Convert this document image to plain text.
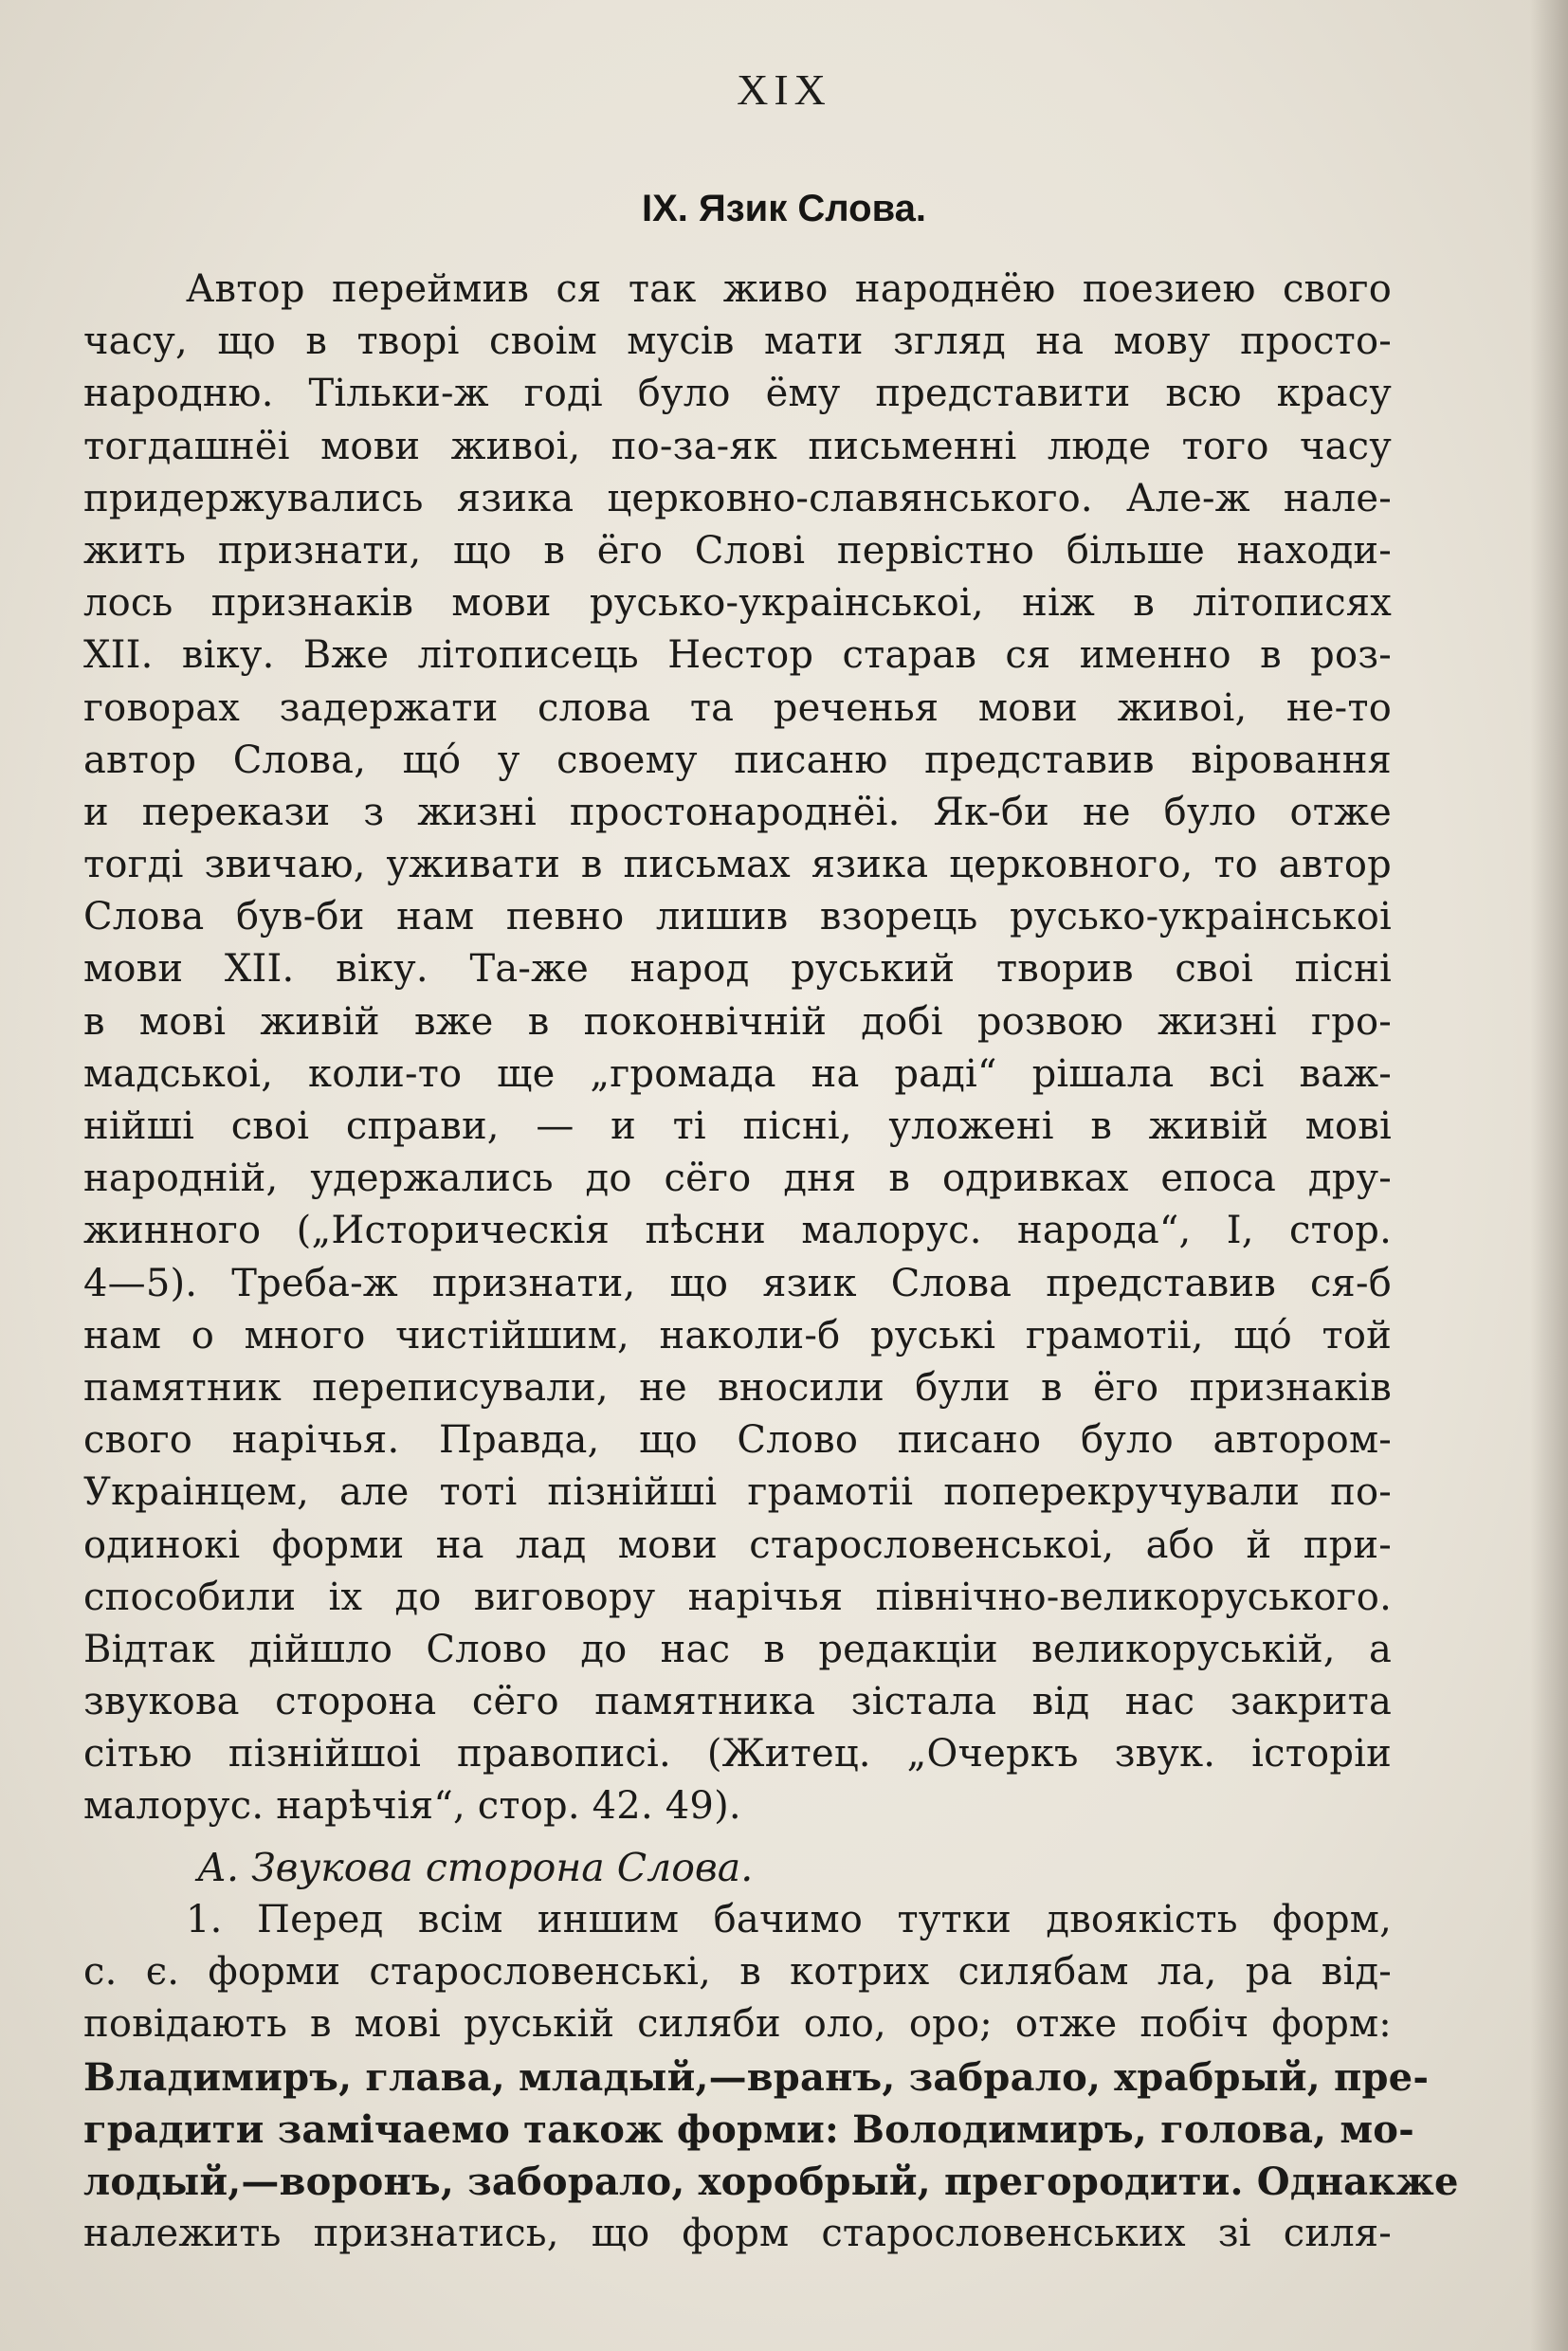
XIX
IX. Язик Слова.
Автор переймив ся так живо народнёю поезиею свого
часу, що в творі своім мусів мати згляд на мову просто-
народню. Тільки-ж годі було ёму представити всю красу
тогдашнёі мови живоі, по-за-як письменні люде того часу
придержувались язика церковно-славянського. Але-ж нале-
жить признати, що в ёго Слові первістно більше находи-
лось признаків мови русько-украінськоі, ніж в літописях
XII. віку. Вже літописець Нестор старав ся именно в роз-
говорах задержати слова та реченья мови живоі, не-то
автор Слова, щó у своему писаню представив віровання
и перекази з жизні простонароднёі. Як-би не було отже
тогді звичаю, уживати в письмах язика церковного, то автор
Слова був-би нам певно лишив взорець русько-украінськоі
мови XII. віку. Та-же народ руський творив своі пісні
в мові живій вже в поконвічній добі розвою жизні гро-
мадськоі, коли-то ще „громада на раді“ рішала всі важ-
нійші своі справи, — и ті пісні, уложені в живій мові
народній, удержались до сёго дня в одривках епоса дру-
жинного („Историческія пѣсни малорус. народа“, I, стор.
4—5). Треба-ж признати, що язик Слова представив ся-б
нам о много чистійшим, наколи-б руські грамотіі, щó той
памятник переписували, не вносили були в ёго признаків
свого нарічья. Правда, що Слово писано було автором-
Украінцем, але тоті пізнійші грамотіі поперекручували по-
одинокі форми на лад мови старословенськоі, або й при-
способили іх до виговору нарічья північно-великоруського.
Відтак дійшло Слово до нас в редакціи великоруській, а
звукова сторона сёго памятника зістала від нас закрита
сітью пізнійшоі правописі. (Житец. „Очеркъ звук. історіи
малорус. нарѣчія“, стор. 42. 49).
А. Звукова сторона Слова.
1. Перед всім иншим бачимо тутки двоякість форм,
с. є. форми старословенські, в котрих силябам ла, ра від-
повідають в мові руській силяби оло, оро; отже побіч форм:
Владимиръ, глава, младый,—вранъ, забрало, храбрый, пре-
градити замічаемо також форми: Володимиръ, голова, мо-
лодый,—воронъ, заборало, хоробрый, прегородити. Однакже
належить признатись, що форм старословенських зі силя-
